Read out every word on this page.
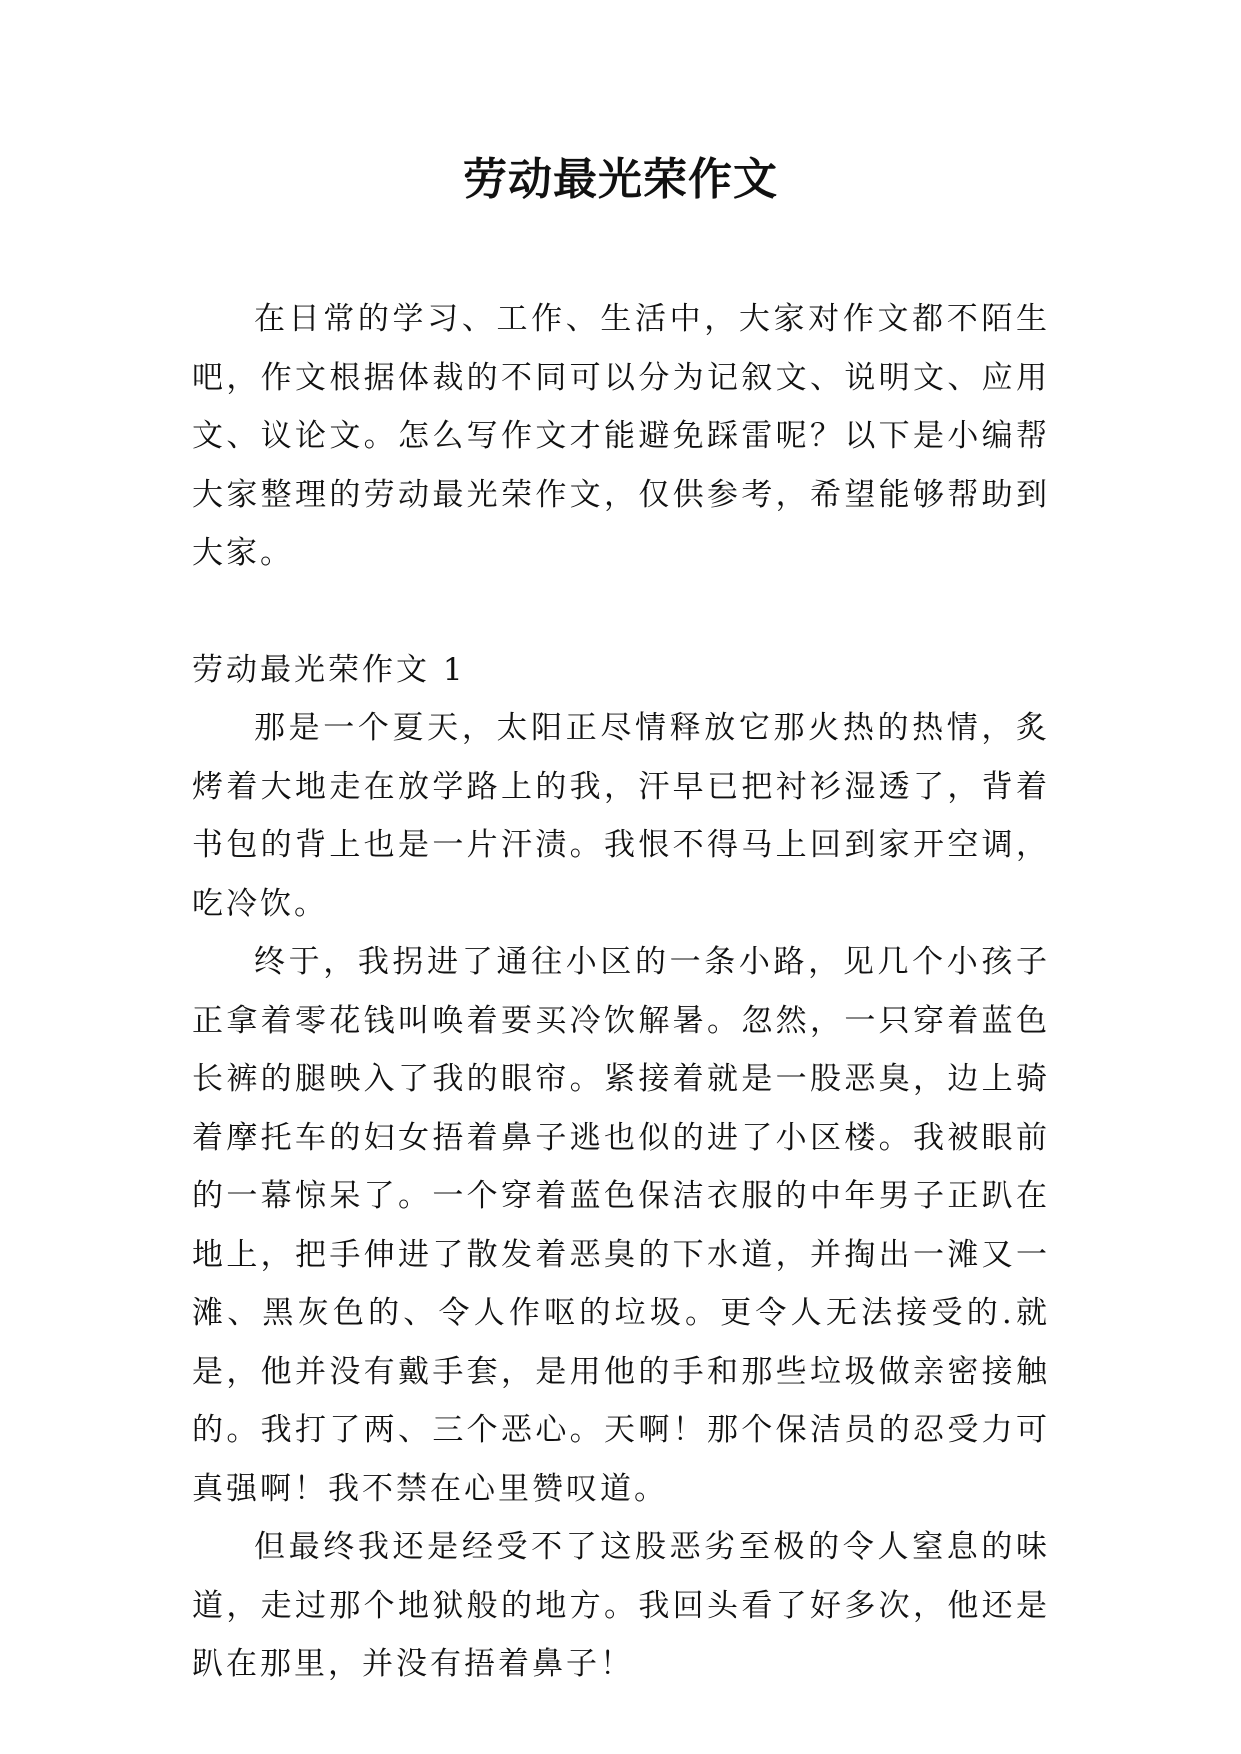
劳动最光荣作文

在日常的学习、工作、生活中，大家对作文都不陌生吧，作文根据体裁的不同可以分为记叙文、说明文、应用文、议论文。怎么写作文才能避免踩雷呢？以下是小编帮大家整理的劳动最光荣作文，仅供参考，希望能够帮助到大家。

劳动最光荣作文 1

那是一个夏天，太阳正尽情释放它那火热的热情，炙烤着大地走在放学路上的我，汗早已把衬衫湿透了，背着书包的背上也是一片汗渍。我恨不得马上回到家开空调，吃冷饮。

终于，我拐进了通往小区的一条小路，见几个小孩子正拿着零花钱叫唤着要买冷饮解暑。忽然，一只穿着蓝色长裤的腿映入了我的眼帘。紧接着就是一股恶臭，边上骑着摩托车的妇女捂着鼻子逃也似的进了小区楼。我被眼前的一幕惊呆了。一个穿着蓝色保洁衣服的中年男子正趴在地上，把手伸进了散发着恶臭的下水道，并掏出一滩又一滩、黑灰色的、令人作呕的垃圾。更令人无法接受的.就是，他并没有戴手套，是用他的手和那些垃圾做亲密接触的。我打了两、三个恶心。天啊！那个保洁员的忍受力可真强啊！我不禁在心里赞叹道。

但最终我还是经受不了这股恶劣至极的令人窒息的味道，走过那个地狱般的地方。我回头看了好多次，他还是趴在那里，并没有捂着鼻子！
